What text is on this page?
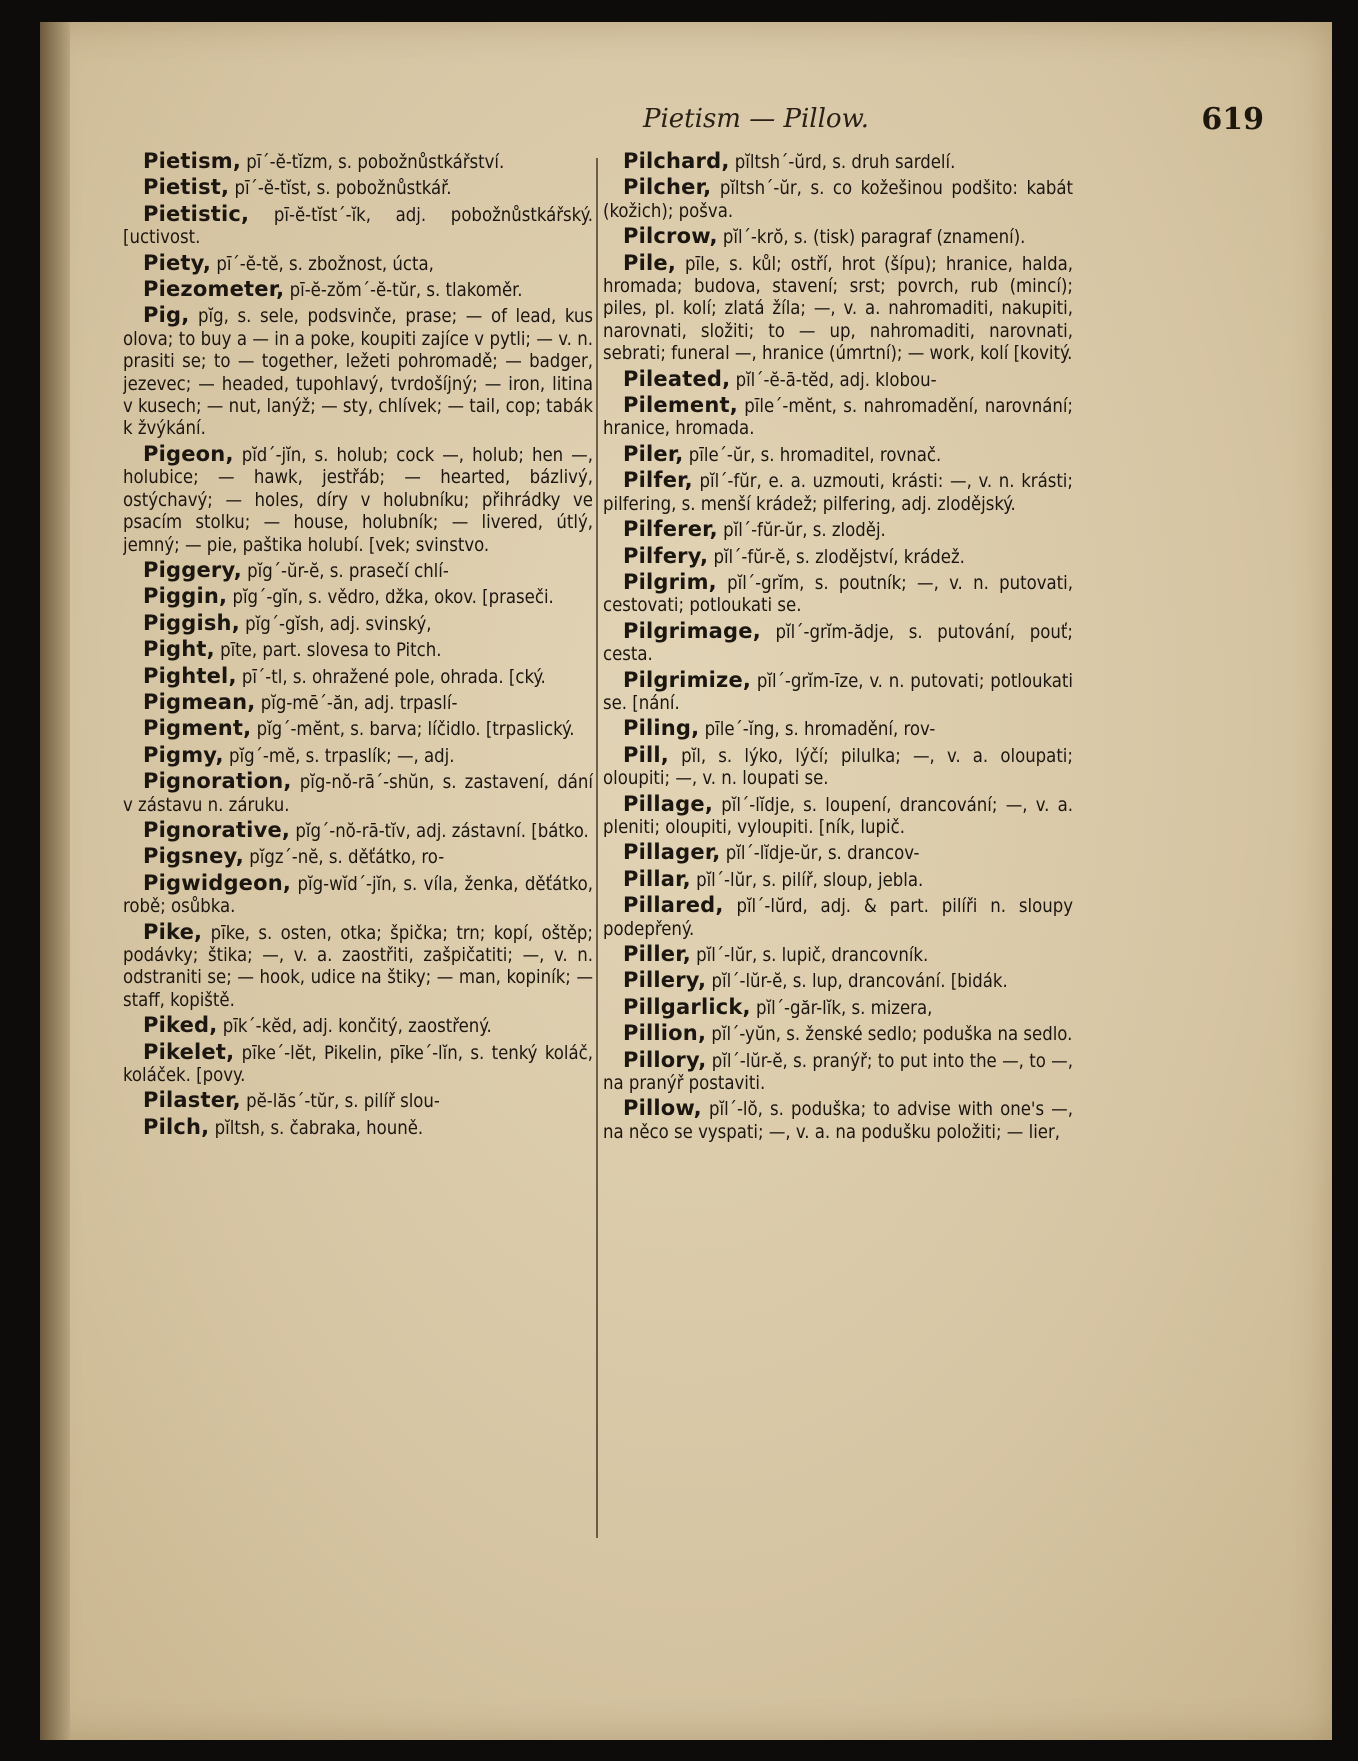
Pietism — Pillow.	619
Pietism, pī´-ĕ-tĭzm, s. pobožnůstkářství.
Pietist, pī´-ĕ-tĭst, s. pobožnůstkář.
Pietistic, pī-ĕ-tĭst´-ĭk, adj. pobožnůstkářský. [uctivost.
Piety, pī´-ĕ-tĕ, s. zbožnost, úcta,
Piezometer, pī-ĕ-zŏm´-ĕ-tŭr, s. tlakoměr.
Pig, pĭg, s. sele, podsvinče, prase; — of lead, kus olova; to buy a — in a poke, koupiti zajíce v pytli; — v. n. prasiti se; to — together, ležeti pohromadě; — badger, jezevec; — headed, tupohlavý, tvrdošíjný; — iron, litina v kusech; — nut, lanýž; — sty, chlívek; — tail, cop; tabák k žvýkání.
Pigeon, pĭd´-jĭn, s. holub; cock —, holub; hen —, holubice; — hawk, jestřáb; — hearted, bázlivý, ostýchavý; — holes, díry v holubníku; přihrádky ve psacím stolku; — house, holubník; — livered, útlý, jemný; — pie, paštika holubí. [vek; svinstvo.
Piggery, pĭg´-ŭr-ĕ, s. prasečí chlí-
Piggin, pĭg´-gĭn, s. vědro, džka, okov. [praseči.
Piggish, pĭg´-gĭsh, adj. svinský,
Pight, pīte, part. slovesa to Pitch.
Pightel, pī´-tl, s. ohražené pole, ohrada. [cký.
Pigmean, pĭg-mē´-ăn, adj. trpaslí-
Pigment, pĭg´-mĕnt, s. barva; líčidlo. [trpaslický.
Pigmy, pĭg´-mĕ, s. trpaslík; —, adj.
Pignoration, pĭg-nŏ-rā´-shŭn, s. zastavení, dání v zástavu n. záruku.
Pignorative, pĭg´-nŏ-rā-tĭv, adj. zástavní. [bátko.
Pigsney, pĭgz´-nĕ, s. děťátko, ro-
Pigwidgeon, pĭg-wĭd´-jĭn, s. víla, ženka, děťátko, robě; osůbka.
Pike, pīke, s. osten, otka; špička; trn; kopí, oštěp; podávky; štika; —, v. a. zaostřiti, zašpičatiti; —, v. n. odstraniti se; — hook, udice na štiky; — man, kopiník; — staff, kopiště.
Piked, pīk´-kĕd, adj. končitý, zaostřený.
Pikelet, pīke´-lĕt, Pikelin, pīke´-lĭn, s. tenký koláč, koláček. [povy.
Pilaster, pĕ-lăs´-tŭr, s. pilíř slou-
Pilch, pĭltsh, s. čabraka, houně.
Pilchard, pĭltsh´-ŭrd, s. druh sardelí.
Pilcher, pĭltsh´-ŭr, s. co kožešinou podšito: kabát (kožich); pošva.
Pilcrow, pĭl´-krŏ, s. (tisk) paragraf (znamení).
Pile, pīle, s. kůl; ostří, hrot (šípu); hranice, halda, hromada; budova, stavení; srst; povrch, rub (mincí); piles, pl. kolí; zlatá žíla; —, v. a. nahromaditi, nakupiti, narovnati, složiti; to — up, nahromaditi, narovnati, sebrati; funeral —, hranice (úmrtní); — work, kolí [kovitý.
Pileated, pĭl´-ĕ-ā-tĕd, adj. klobou-
Pilement, pīle´-mĕnt, s. nahromadění, narovnání; hranice, hromada.
Piler, pīle´-ŭr, s. hromaditel, rovnač.
Pilfer, pĭl´-fŭr, e. a. uzmouti, krásti: —, v. n. krásti; pilfering, s. menší krádež; pilfering, adj. zlodějský.
Pilferer, pĭl´-fŭr-ŭr, s. zloděj.
Pilfery, pĭl´-fŭr-ĕ, s. zlodějství, krádež.
Pilgrim, pĭl´-grĭm, s. poutník; —, v. n. putovati, cestovati; potloukati se.
Pilgrimage, pĭl´-grĭm-ădje, s. putování, pouť; cesta.
Pilgrimize, pĭl´-grĭm-īze, v. n. putovati; potloukati se. [nání.
Piling, pīle´-ĭng, s. hromadění, rov-
Pill, pĭl, s. lýko, lýčí; pilulka; —, v. a. oloupati; oloupiti; —, v. n. loupati se.
Pillage, pĭl´-lĭdje, s. loupení, drancování; —, v. a. pleniti; oloupiti, vyloupiti. [ník, lupič.
Pillager, pĭl´-lĭdje-ŭr, s. drancov-
Pillar, pĭl´-lŭr, s. pilíř, sloup, jebla.
Pillared, pĭl´-lŭrd, adj. & part. pilíři n. sloupy podepřený.
Piller, pĭl´-lŭr, s. lupič, drancovník.
Pillery, pĭl´-lŭr-ĕ, s. lup, drancování. [bidák.
Pillgarlick, pĭl´-găr-lĭk, s. mizera,
Pillion, pĭl´-yŭn, s. ženské sedlo; poduška na sedlo.
Pillory, pĭl´-lŭr-ĕ, s. pranýř; to put into the —, to —, na pranýř postaviti.
Pillow, pĭl´-lŏ, s. poduška; to advise with one's —, na něco se vyspati; —, v. a. na podušku položiti; — lier,
